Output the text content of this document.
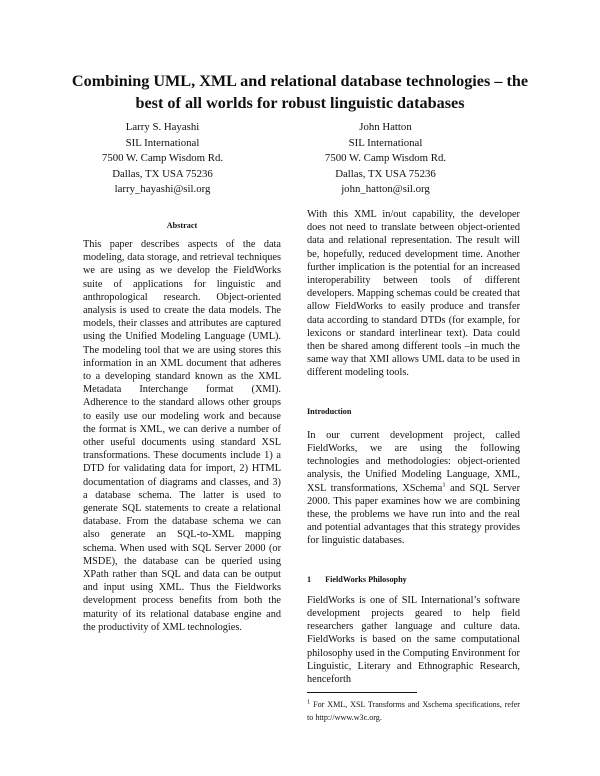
Combining UML, XML and relational database technologies – the best of all worlds for robust linguistic databases
Larry S. Hayashi
SIL International
7500 W. Camp Wisdom Rd.
Dallas, TX USA 75236
larry_hayashi@sil.org
John Hatton
SIL International
7500 W. Camp Wisdom Rd.
Dallas, TX USA 75236
john_hatton@sil.org
Abstract

This paper describes aspects of the data modeling, data storage, and retrieval techniques we are using as we develop the FieldWorks suite of applications for linguistic and anthropological research. Object-oriented analysis is used to create the data models. The models, their classes and attributes are captured using the Unified Modeling Language (UML). The modeling tool that we are using stores this information in an XML document that adheres to a developing standard known as the XML Metadata Interchange format (XMI). Adherence to the standard allows other groups to easily use our modeling work and because the format is XML, we can derive a number of other useful documents using standard XSL transformations. These documents include 1) a DTD for validating data for import, 2) HTML documentation of diagrams and classes, and 3) a database schema. The latter is used to generate SQL statements to create a relational database. From the database schema we can also generate an SQL-to-XML mapping schema. When used with SQL Server 2000 (or MSDE), the database can be queried using XPath rather than SQL and data can be output and input using XML. Thus the Fieldworks development process benefits from both the maturity of its relational database engine and the productivity of XML technologies.

With this XML in/out capability, the developer does not need to translate between object-oriented data and relational representation. The result will be, hopefully, reduced development time. Another further implication is the potential for an increased interoperability between tools of different developers. Mapping schemas could be created that allow FieldWorks to easily produce and transfer data according to standard DTDs (for example, for lexicons or standard interlinear text). Data could then be shared among different tools –in much the same way that XMI allows UML data to be used in different modeling tools.

Introduction

In our current development project, called FieldWorks, we are using the following technologies and methodologies: object-oriented analysis, the Unified Modeling Language, XML, XSL transformations, XSchema$^1$ and SQL Server 2000. This paper examines how we are combining these, the problems we have run into and the real and potential advantages that this strategy provides for linguistic databases.

1 FieldWorks Philosophy

FieldWorks is one of SIL International’s software development projects geared to help field researchers gather language and culture data. FieldWorks is based on the same computational philosophy used in the Computing Environment for Linguistic, Literary and Ethnographic Research, henceforth

$^1$ For XML, XSL Transforms and Xschema specifications, refer to http://www.w3c.org.
